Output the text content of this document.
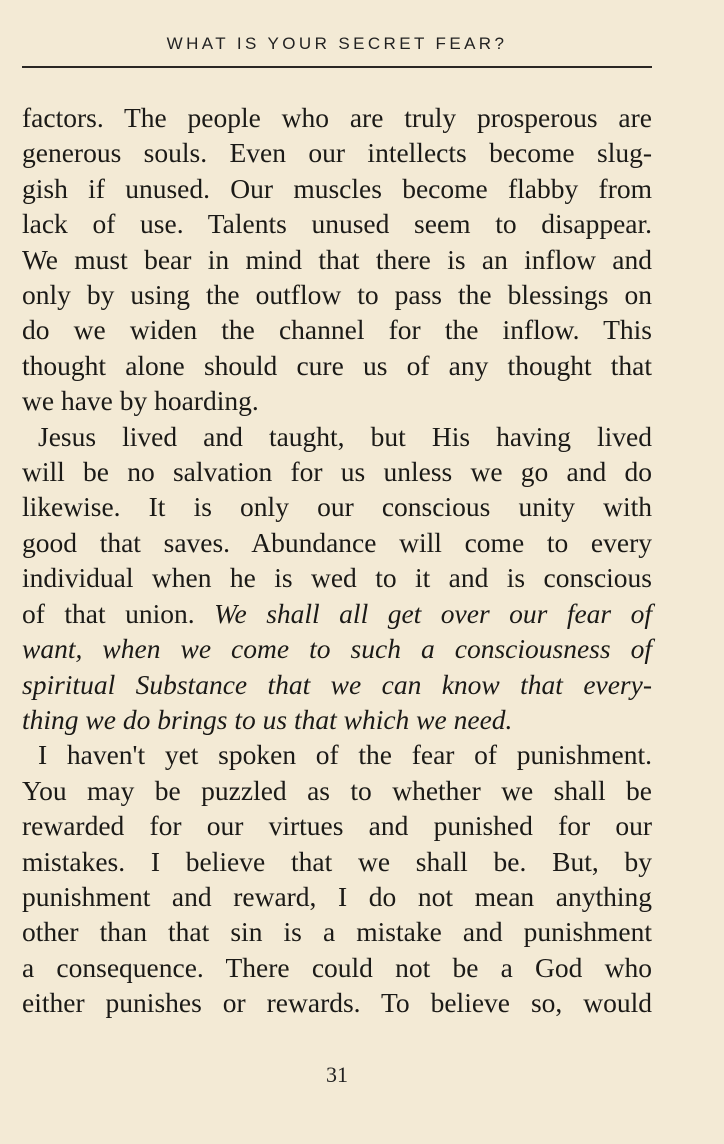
WHAT IS YOUR SECRET FEAR?
factors. The people who are truly prosperous are
generous souls. Even our intellects become slug-
gish if unused. Our muscles become flabby from
lack of use. Talents unused seem to disappear.
We must bear in mind that there is an inflow and
only by using the outflow to pass the blessings on
do we widen the channel for the inflow. This
thought alone should cure us of any thought that
we have by hoarding.
Jesus lived and taught, but His having lived
will be no salvation for us unless we go and do
likewise. It is only our conscious unity with
good that saves. Abundance will come to every
individual when he is wed to it and is conscious
of that union. We shall all get over our fear of
want, when we come to such a consciousness of
spiritual Substance that we can know that every-
thing we do brings to us that which we need.
I haven't yet spoken of the fear of punishment.
You may be puzzled as to whether we shall be
rewarded for our virtues and punished for our
mistakes. I believe that we shall be. But, by
punishment and reward, I do not mean anything
other than that sin is a mistake and punishment
a consequence. There could not be a God who
either punishes or rewards. To believe so, would
31
